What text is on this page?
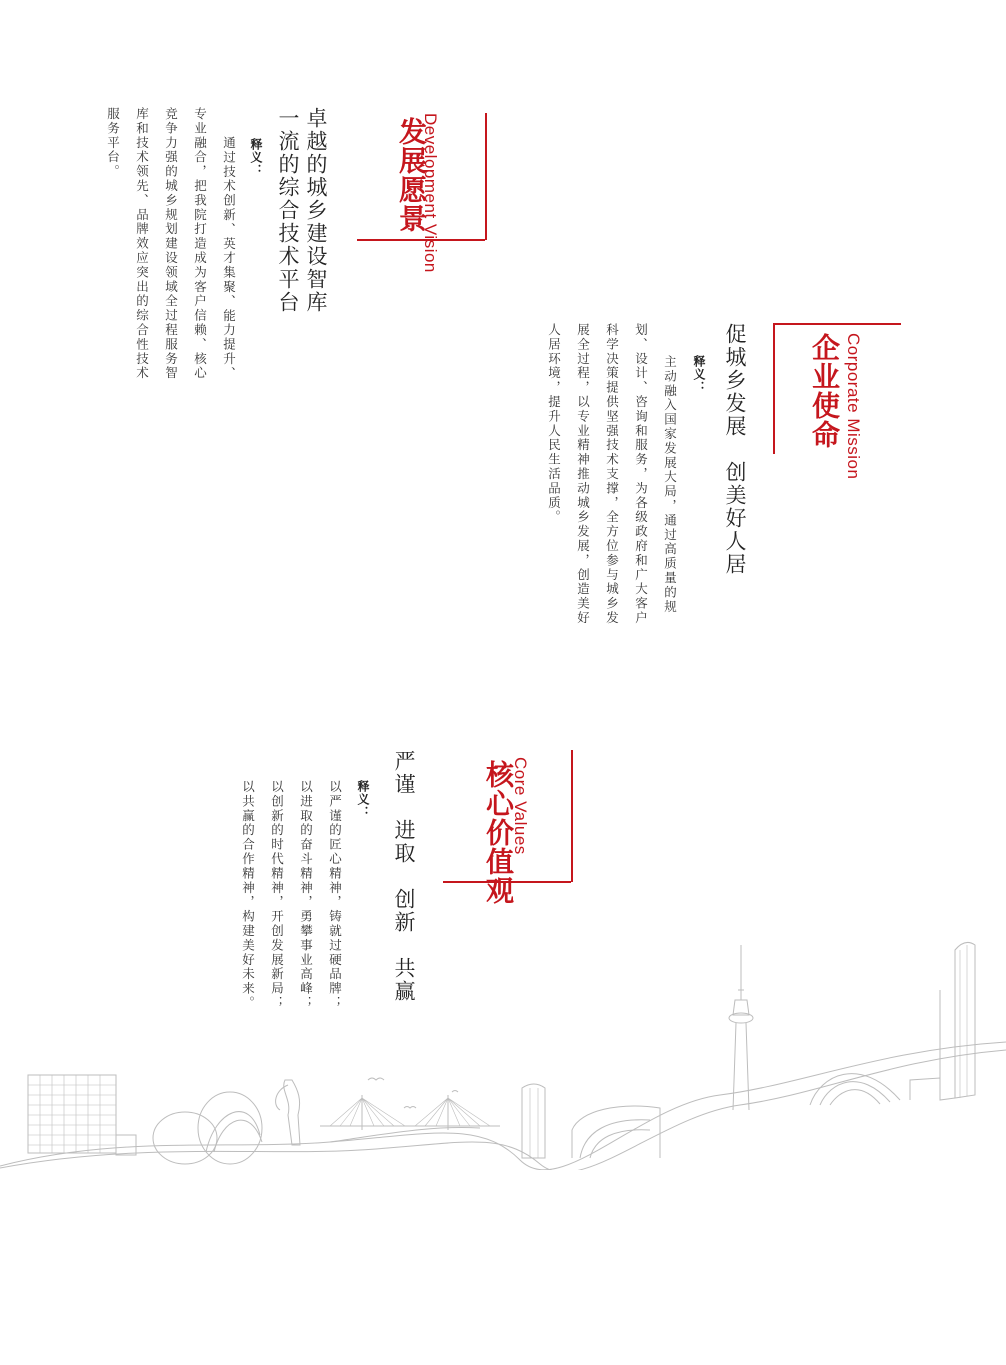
Development Vision
发展愿景
卓越的城乡建设智库
一流的综合技术平台
释义：
通过技术创新、英才集聚、能力提升、
专业融合，把我院打造成为客户信赖、核心
竞争力强的城乡规划建设领域全过程服务智
库和技术领先、品牌效应突出的综合性技术
服务平台。
Corporate Mission
企业使命
促城乡发展　创美好人居
释义：
主动融入国家发展大局，通过高质量的规
划、设计、咨询和服务，为各级政府和广大客户
科学决策提供坚强技术支撑，全方位参与城乡发
展全过程，以专业精神推动城乡发展，创造美好
人居环境，提升人民生活品质。
Core Values
核心价值观
严谨　进取　创新　共赢
释义：
以严谨的匠心精神，铸就过硬品牌；
以进取的奋斗精神，勇攀事业高峰；
以创新的时代精神，开创发展新局；
以共赢的合作精神，构建美好未来。
